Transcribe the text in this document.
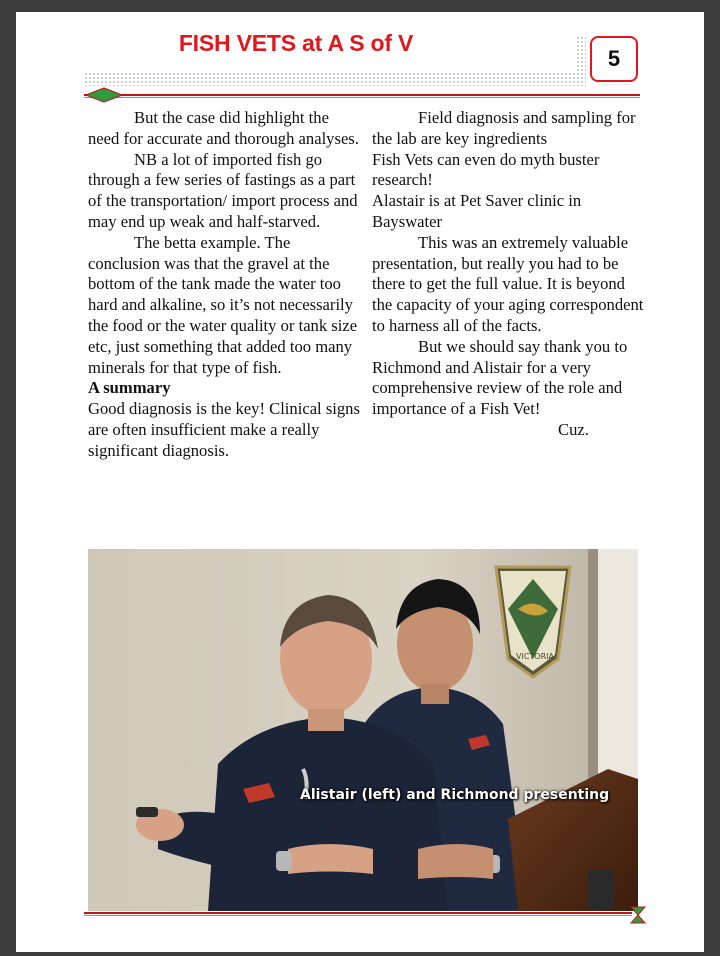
FISH VETS at A S of V
5

But the case did highlight the need for accurate and thorough analyses.

NB a lot of imported fish go through a few series of fastings as a part of the transportation/ import process and may end up weak and half-starved.

The betta example. The conclusion was that the gravel at the bottom of the tank made the water too hard and alkaline, so it’s not necessarily the food or the water quality or tank size etc, just something that added too many minerals for that type of fish.

A summary

Good diagnosis is the key! Clinical signs are often insufficient make a really significant diagnosis.

Field diagnosis and sampling for the lab are key ingredients

Fish Vets can even do myth buster research!

Alastair is at Pet Saver clinic in Bayswater

This was an extremely valuable presentation, but really you had to be there to get the full value. It is beyond the capacity of your aging correspondent to harness all of the facts.

But we should say thank you to Richmond and Alistair for a very comprehensive review of the role and importance of a Fish Vet!

Cuz.

VICTORIA
Alistair (left) and Richmond presenting
